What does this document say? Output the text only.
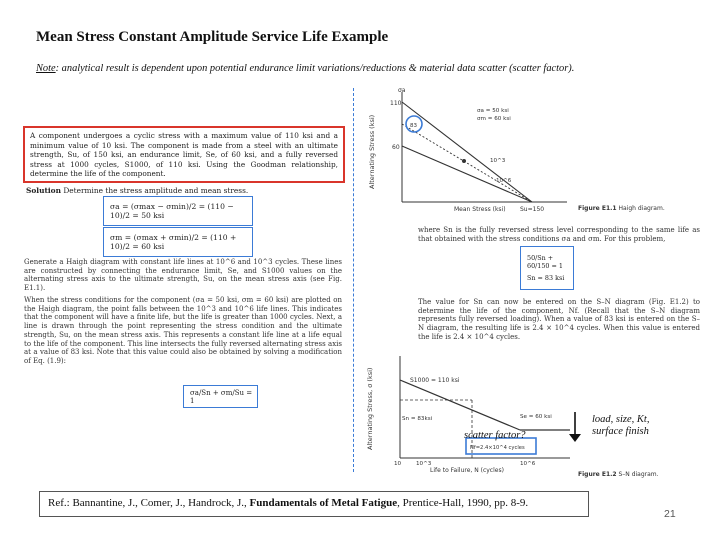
Mean Stress Constant Amplitude Service Life Example
Note: analytical result is dependent upon potential endurance limit variations/reductions & material data scatter (scatter factor).
A component undergoes a cyclic stress with a maximum value of 110 ksi and a minimum value of 10 ksi. The component is made from a steel with an ultimate strength, Su, of 150 ksi, an endurance limit, Se, of 60 ksi, and a fully reversed stress at 1000 cycles, S1000, of 110 ksi. Using the Goodman relationship, determine the life of the component.
Solution Determine the stress amplitude and mean stress.
σa = (σmax − σmin)/2 = (110 − 10)/2 = 50 ksi
σm = (σmax + σmin)/2 = (110 + 10)/2 = 60 ksi
Generate a Haigh diagram with constant life lines at 10^6 and 10^3 cycles. These lines are constructed by connecting the endurance limit, Se, and S1000 values on the alternating stress axis to the ultimate strength, Su, on the mean stress axis (see Fig. E1.1).
When the stress conditions for the component (σa = 50 ksi, σm = 60 ksi) are plotted on the Haigh diagram, the point falls between the 10^3 and 10^6 life lines. This indicates that the component will have a finite life, but the life is greater than 1000 cycles. Next, a line is drawn through the point representing the stress condition and the ultimate strength, Su, on the mean stress axis. This represents a constant life line at a life equal to the life of the component. This line intersects the fully reversed alternating stress axis at a value of 83 ksi. Note that this value could also be obtained by solving a modification of Eq. (1.9):
σa/Sn + σm/Su = 1
σa
Alternating Stress (ksi)
110
60
83
σa = 50 ksi
σm = 60 ksi
10^3
10^6
Mean Stress (ksi) Su=150	Figure E1.1 Haigh diagram.
where Sn is the fully reversed stress level corresponding to the same life as that obtained with the stress conditions σa and σm. For this problem,
50/Sn + 60/150 = 1
Sn = 83 ksi
The value for Sn can now be entered on the S–N diagram (Fig. E1.2) to determine the life of the component, Nf. (Recall that the S–N diagram represents fully reversed loading). When a value of 83 ksi is entered on the S–N diagram, the resulting life is 2.4 × 10^4 cycles. When this value is entered the life is 2.4 × 10^4 cycles.
Alternating Stress, σ (ksi)	S1000 = 110 ksi
Sn = 83ksi	Se = 60 ksi
Nf=2.4×10^4 cycles
10	10^3	10^6
Life to Failure, N (cycles)
Figure E1.2 S–N diagram.
scatter factor?
load, size, Kt,
surface finish
Ref.: Bannantine, J., Comer, J., Handrock, J., Fundamentals of Metal Fatigue, Prentice-Hall, 1990, pp. 8-9.
21
